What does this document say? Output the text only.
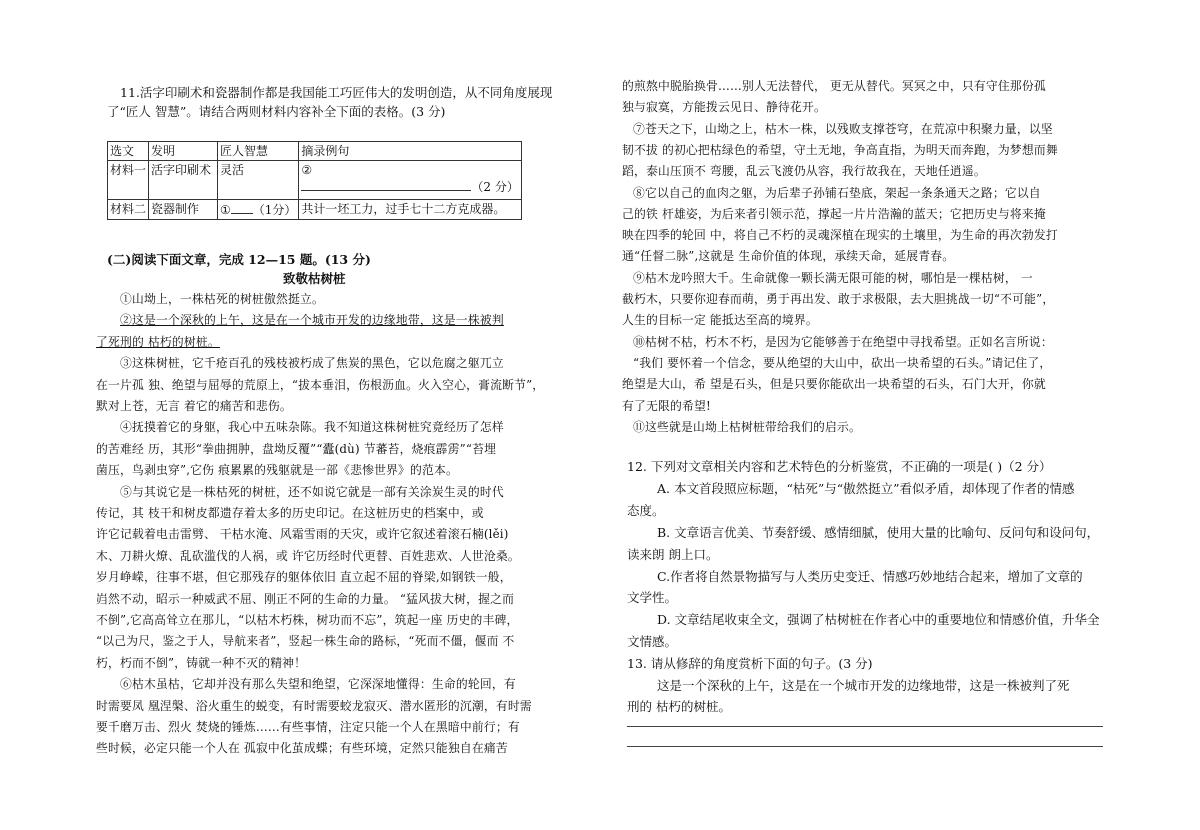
11.活字印刷术和瓷器制作都是我国能工巧匠伟大的发明创造，从不同角度展现
了“匠人 智慧”。请结合两则材料内容补全下面的表格。(3 分)
选文	发明	匠人智慧	摘录例句
材料一	活字印刷术	灵活	②
（2 分）

材料二	瓷器制作	① （1分）	共计一坯工力，过手七十二方克成器。
(二)阅读下面文章，完成 12—15 题。(13 分)
致敬枯树桩
①山坳上，一株枯死的树桩傲然挺立。
②这是一个深秋的上午，这是在一个城市开发的边缘地带，这是一株被判
了死刑的 枯朽的树桩。
③这株树桩，它千疮百孔的残枝被朽成了焦炭的黑色，它以危腐之躯兀立
在一片孤 独、绝望与屈辱的荒原上，“拔本垂泪，伤根沥血。火入空心，膏流断节”，
默对上苍，无言 着它的痛苦和悲伤。
④抚摸着它的身躯，我心中五味杂陈。我不知道这株树桩究竟经历了怎样
的苦难经 历，其形“拳曲拥肿，盘坳反覆”“蠹(dù) 节蕃苔，烧痕霹雳”“苔埋
菌压，鸟剥虫穿”,它伤 痕累累的残躯就是一部《悲惨世界》的范本。
⑤与其说它是一株枯死的树桩，还不如说它就是一部有关涂炭生灵的时代
传记，其 枝干和树皮都遗存着太多的历史印记。在这桩历史的档案中，或
许它记载着电击雷劈、 干枯水淹、风霜雪雨的天灾，或许它叙述着滚石楠(lěi)
木、刀耕火燎、乱砍滥伐的人祸，或 许它历经时代更替、百姓悲欢、人世沧桑。
岁月峥嵘，往事不堪，但它那残存的躯体依旧 直立起不屈的脊梁,如钢铁一般，
岿然不动，昭示一种威武不屈、刚正不阿的生命的力量。 “猛风拔大树，握之而
不倒”,它高高耸立在那儿，“以枯木朽株，树功而不忘”，筑起一座 历史的丰碑，
“以己为尺，鉴之于人，导航来者”，竖起一株生命的路标，“死而不僵，偃而 不
朽，朽而不倒”，铸就一种不灭的精神！
⑥枯木虽枯，它却并没有那么失望和绝望，它深深地懂得：生命的轮回，有
时需要凤 凰涅槃、浴火重生的蜕变，有时需要蛟龙寂灭、潜水匿形的沉潮，有时需
要千磨万击、烈火 焚烧的锤炼……有些事情，注定只能一个人在黑暗中前行；有
些时候，必定只能一个人在 孤寂中化茧成蝶；有些环境，定然只能独自在痛苦
的煎熬中脱胎换骨……别人无法替代， 更无从替代。冥冥之中，只有守住那份孤
独与寂寞，方能拨云见日、静待花开。
⑦苍天之下，山坳之上，枯木一株，以残败支撑苍穹，在荒凉中积聚力量，以坚
韧不拔 的初心把枯绿色的希望，守土无地，争高直指，为明天而奔跑，为梦想而舞
蹈，泰山压顶不 弯腰，乱云飞渡仍从容，我行故我在，天地任逍遥。
⑧它以自己的血肉之躯，为后辈子孙铺石垫底，架起一条条通天之路；它以自
己的铁 杆雄姿，为后来者引领示范，撑起一片片浩瀚的蓝天；它把历史与将来掩
映在四季的轮回 中，将自己不朽的灵魂深植在现实的土壤里，为生命的再次勃发打
通“任督二脉”,这就是 生命价值的体现，承续天命，延展青春。
⑨枯木龙吟照大千。生命就像一颗长满无限可能的树，哪怕是一棵枯树， 一
截朽木，只要你迎春而萌，勇于再出发、敢于求极限，去大胆挑战一切“不可能”，
人生的目标一定 能抵达至高的境界。
⑩枯树不枯，朽木不朽，是因为它能够善于在绝望中寻找希望。正如名言所说：
“我们 要怀着一个信念，要从绝望的大山中，砍出一块希望的石头。”请记住了，
绝望是大山，希 望是石头，但是只要你能砍出一块希望的石头，石门大开，你就
有了无限的希望!
⑪这些就是山坳上枯树桩带给我们的启示。
12. 下列对文章相关内容和艺术特色的分析鉴赏，不正确的一项是( )（2 分）
A. 本文首段照应标题，“枯死”与“傲然挺立”看似矛盾，却体现了作者的情感
态度。
B. 文章语言优美、节奏舒缓、感情细腻，使用大量的比喻句、反问句和设问句，
读来朗 朗上口。
C.作者将自然景物描写与人类历史变迁、情感巧妙地结合起来，增加了文章的
文学性。
D. 文章结尾收束全文，强调了枯树桩在作者心中的重要地位和情感价值，升华全
文情感。
13. 请从修辞的角度赏析下面的句子。(3 分)
这是一个深秋的上午，这是在一个城市开发的边缘地带，这是一株被判了死
刑的 枯朽的树桩。
